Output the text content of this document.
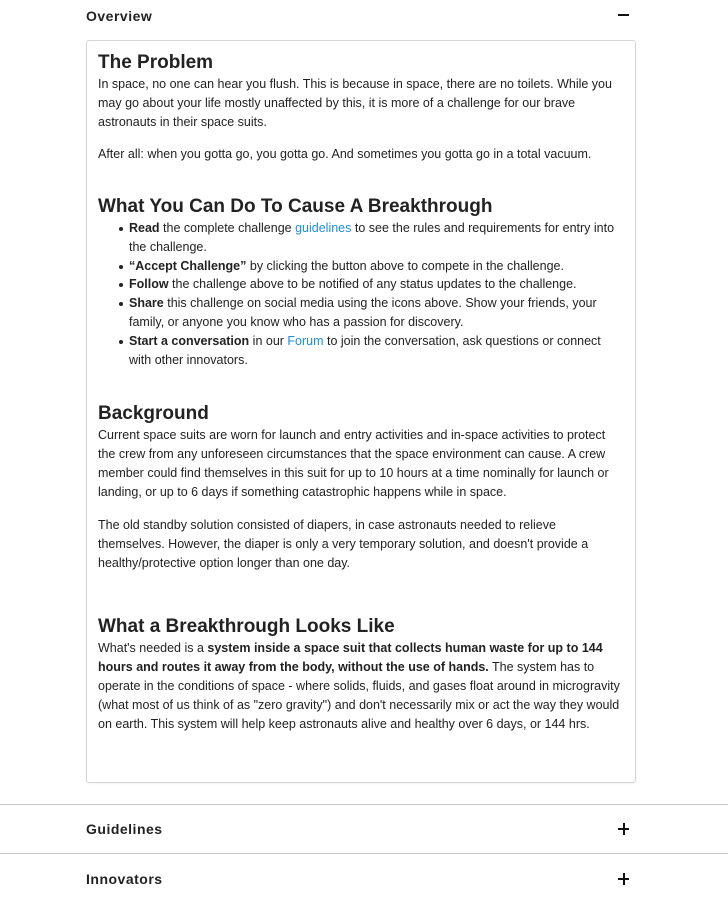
Overview
The Problem

In space, no one can hear you flush. This is because in space, there are no toilets. While you may go about your life mostly unaffected by this, it is more of a challenge for our brave astronauts in their space suits.

After all: when you gotta go, you gotta go. And sometimes you gotta go in a total vacuum.

What You Can Do To Cause A Breakthrough
Read the complete challenge guidelines to see the rules and requirements for entry into the challenge.
“Accept Challenge” by clicking the button above to compete in the challenge.
Follow the challenge above to be notified of any status updates to the challenge.
Share this challenge on social media using the icons above. Show your friends, your family, or anyone you know who has a passion for discovery.
Start a conversation in our Forum to join the conversation, ask questions or connect with other innovators.
Background

Current space suits are worn for launch and entry activities and in-space activities to protect the crew from any unforeseen circumstances that the space environment can cause. A crew member could find themselves in this suit for up to 10 hours at a time nominally for launch or landing, or up to 6 days if something catastrophic happens while in space.

The old standby solution consisted of diapers, in case astronauts needed to relieve themselves. However, the diaper is only a very temporary solution, and doesn't provide a healthy/protective option longer than one day.

What a Breakthrough Looks Like

What's needed is a system inside a space suit that collects human waste for up to 144 hours and routes it away from the body, without the use of hands. The system has to operate in the conditions of space - where solids, fluids, and gases float around in microgravity (what most of us think of as "zero gravity") and don't necessarily mix or act the way they would on earth. This system will help keep astronauts alive and healthy over 6 days, or 144 hrs.

Guidelines
Innovators
